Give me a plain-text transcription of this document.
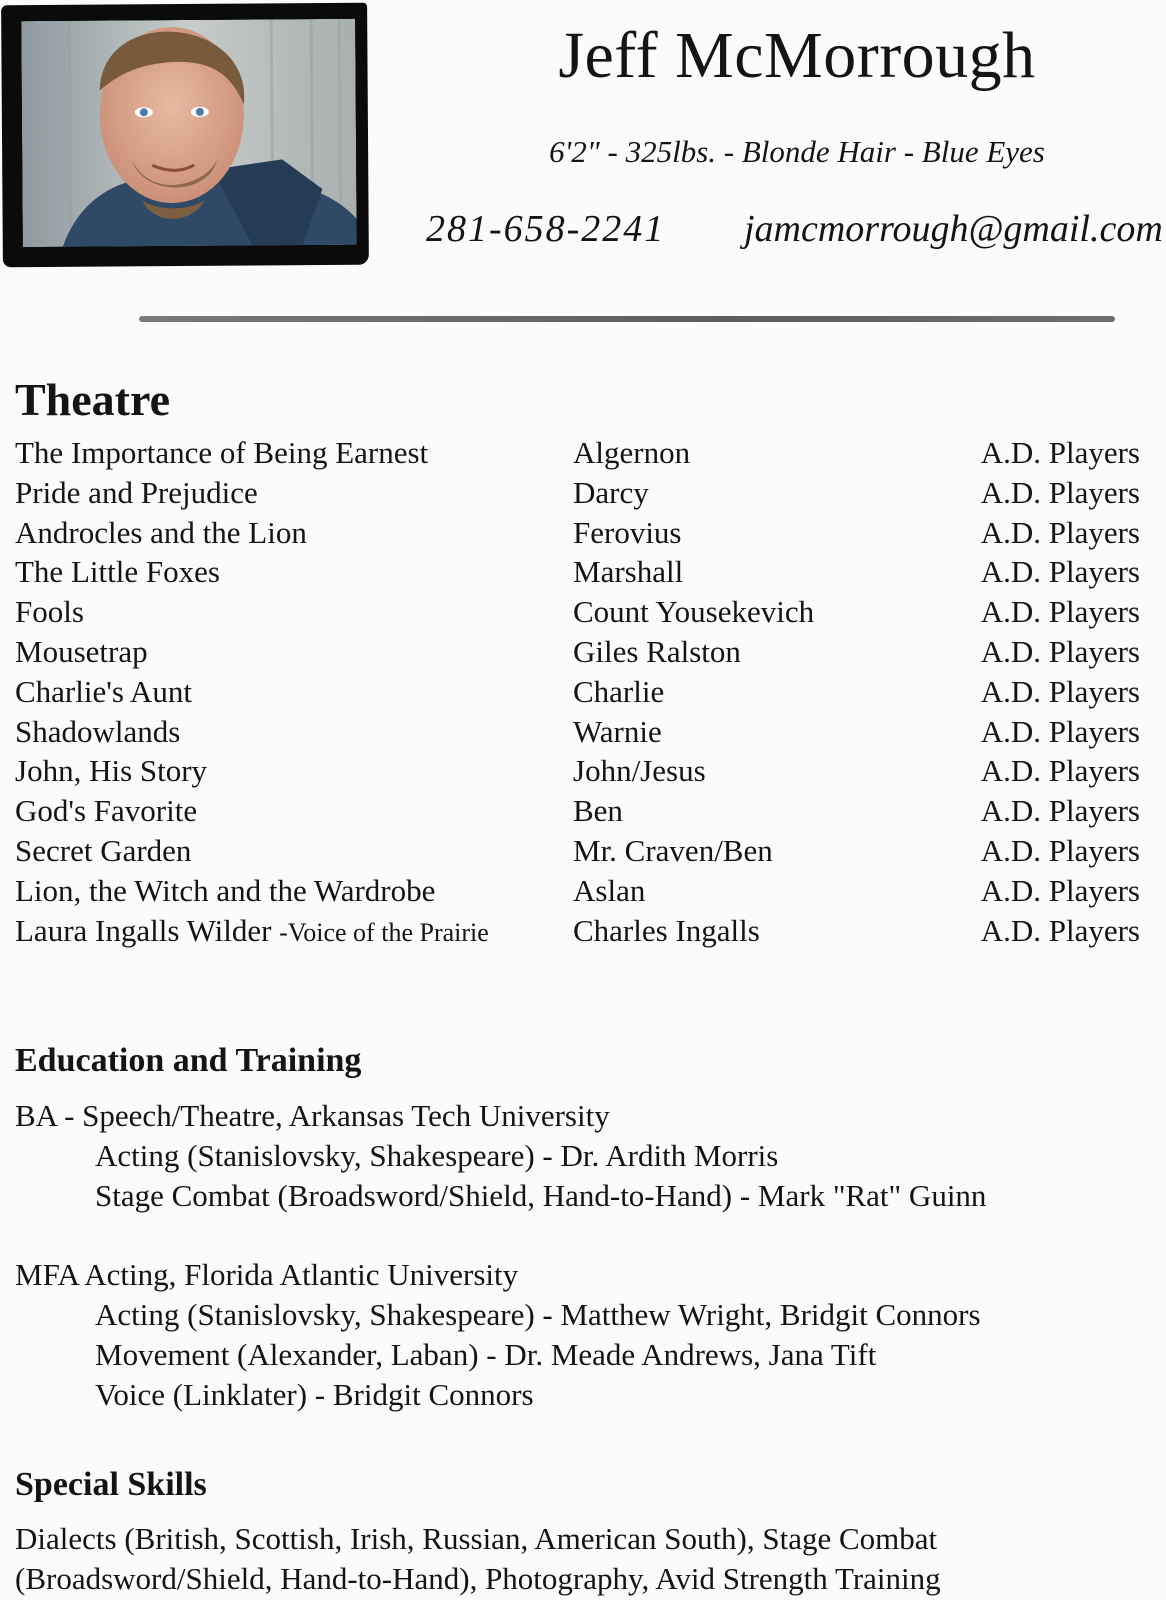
Jeff McMorrough
6'2" - 325lbs. - Blonde Hair - Blue Eyes
281-658-2241 jamcmorrough@gmail.com
Theatre
The Importance of Being Earnest	Algernon	A.D. Players
Pride and Prejudice	Darcy	A.D. Players
Androcles and the Lion	Ferovius	A.D. Players
The Little Foxes	Marshall	A.D. Players
Fools	Count Yousekevich	A.D. Players
Mousetrap	Giles Ralston	A.D. Players
Charlie's Aunt	Charlie	A.D. Players
Shadowlands	Warnie	A.D. Players
John, His Story	John/Jesus	A.D. Players
God's Favorite	Ben	A.D. Players
Secret Garden	Mr. Craven/Ben	A.D. Players
Lion, the Witch and the Wardrobe	Aslan	A.D. Players
Laura Ingalls Wilder -Voice of the Prairie	Charles Ingalls	A.D. Players
Education and Training
BA - Speech/Theatre, Arkansas Tech University
Acting (Stanislovsky, Shakespeare) - Dr. Ardith Morris
Stage Combat (Broadsword/Shield, Hand-to-Hand) - Mark "Rat" Guinn
MFA Acting, Florida Atlantic University
Acting (Stanislovsky, Shakespeare) - Matthew Wright, Bridgit Connors
Movement (Alexander, Laban) - Dr. Meade Andrews, Jana Tift
Voice (Linklater) - Bridgit Connors
Special Skills
Dialects (British, Scottish, Irish, Russian, American South), Stage Combat (Broadsword/Shield, Hand-to-Hand), Photography, Avid Strength Training
